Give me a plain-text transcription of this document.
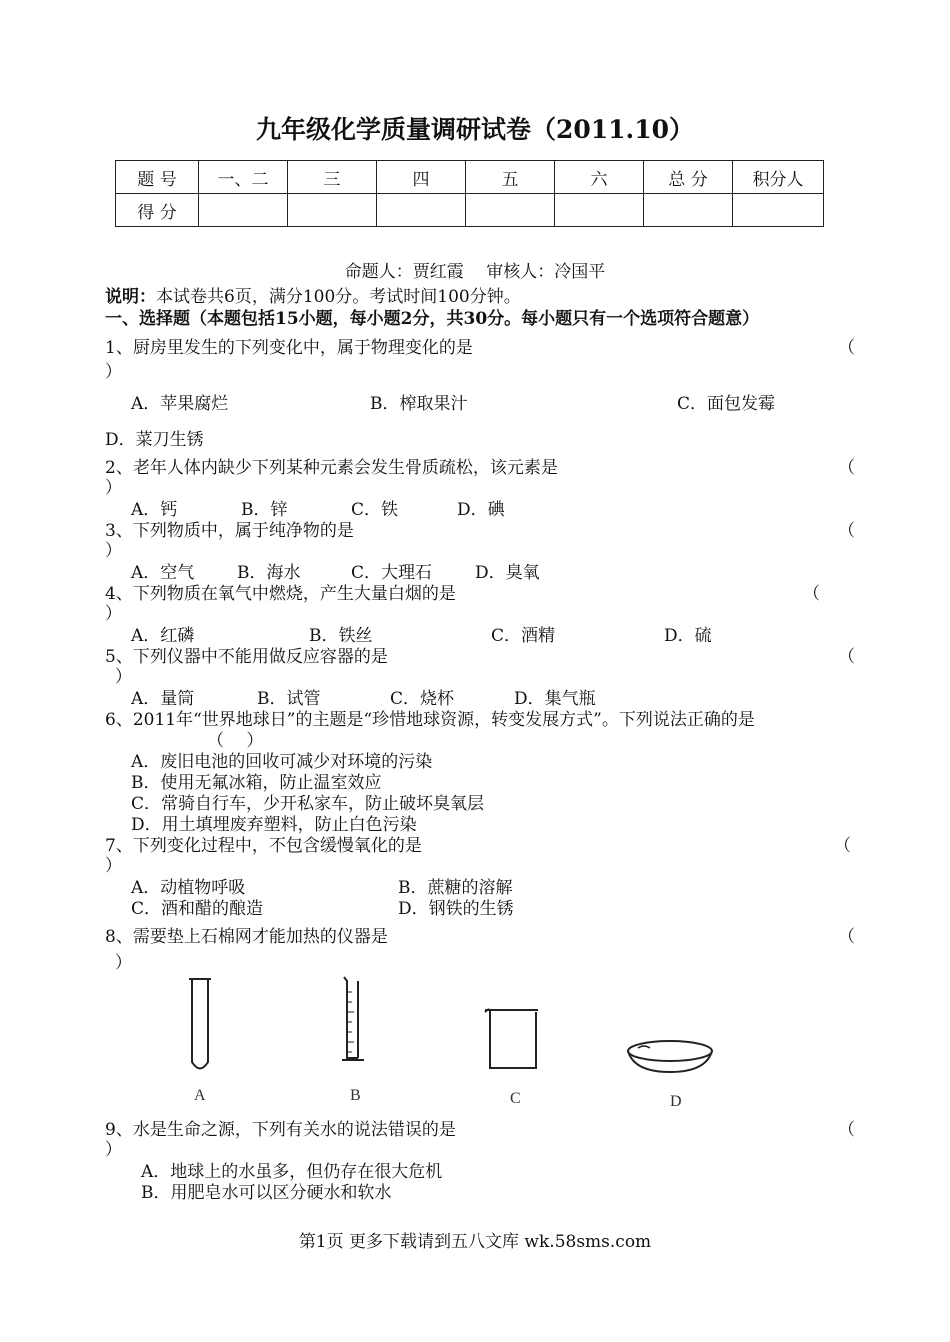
九年级化学质量调研试卷（2011.10）
题 号	一、二	三	四	五	六	总 分	积分人
得 分							
命题人：贾红霞　 审核人：冷国平
说明：本试卷共6页，满分100分。考试时间100分钟。
一、选择题（本题包括15小题，每小题2分，共30分。每小题只有一个选项符合题意）
1、厨房里发生的下列变化中，属于物理变化的是	（
）
A．苹果腐烂	B．榨取果汁	C．面包发霉
D．菜刀生锈
2、老年人体内缺少下列某种元素会发生骨质疏松，该元素是	（
）
A．钙	B．锌	C．铁	D．碘
3、下列物质中，属于纯净物的是	（
）
A．空气	B．海水	C．大理石	D．臭氧
4、下列物质在氧气中燃烧，产生大量白烟的是	（
）
A．红磷	B．铁丝	C．酒精	D．硫
5、下列仪器中不能用做反应容器的是	（
）
A．量筒	B．试管	C．烧杯	D．集气瓶
6、2011年“世界地球日”的主题是“珍惜地球资源，转变发展方式”。下列说法正确的是
（　 ）
A．废旧电池的回收可减少对环境的污染
B．使用无氟冰箱，防止温室效应
C．常骑自行车，少开私家车，防止破坏臭氧层
D．用土填埋废弃塑料，防止白色污染
7、下列变化过程中，不包含缓慢氧化的是	（
）
A．动植物呼吸	B．蔗糖的溶解
C．酒和醋的酿造	D．钢铁的生锈
8、需要垫上石棉网才能加热的仪器是	（
）
A	B	C	D
9、水是生命之源，下列有关水的说法错误的是	（
）
A．地球上的水虽多，但仍存在很大危机
B．用肥皂水可以区分硬水和软水
第1页 更多下载请到五八文库 wk.58sms.com
